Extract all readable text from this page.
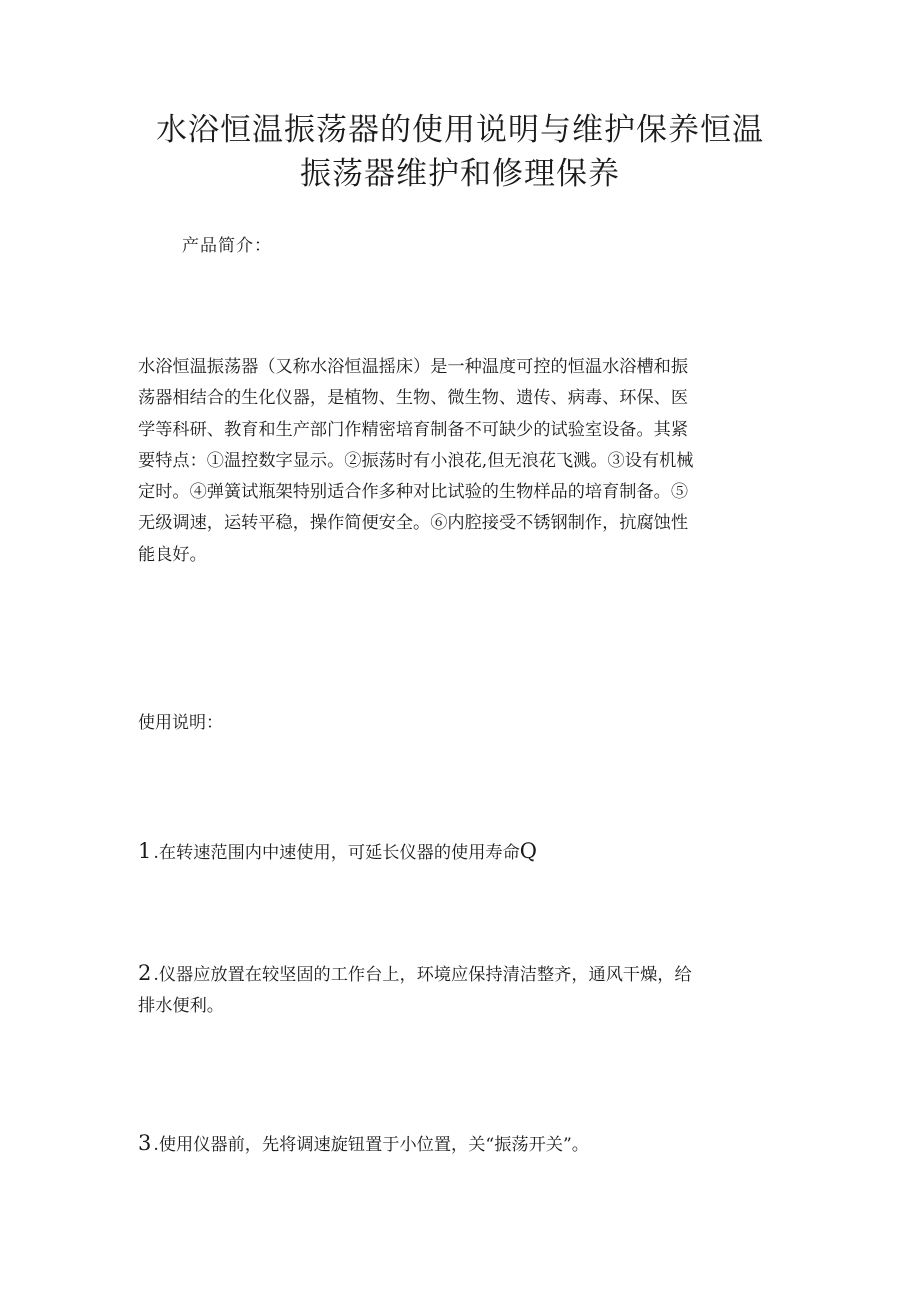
水浴恒温振荡器的使用说明与维护保养恒温
振荡器维护和修理保养

产品简介：

水浴恒温振荡器（又称水浴恒温摇床）是一种温度可控的恒温水浴槽和振
荡器相结合的生化仪器，是植物、生物、微生物、遗传、病毒、环保、医
学等科研、教育和生产部门作精密培育制备不可缺少的试验室设备。其紧
要特点：①温控数字显示。②振荡时有小浪花,但无浪花飞溅。③设有机械
定时。④弹簧试瓶架特别适合作多种对比试验的生物样品的培育制备。⑤
无级调速，运转平稳，操作简便安全。⑥内腔接受不锈钢制作，抗腐蚀性
能良好。

使用说明：

1 .在转速范围内中速使用，可延长仪器的使用寿命Q

2 .仪器应放置在较坚固的工作台上，环境应保持清洁整齐，通风干燥，给
排水便利。

3 .使用仪器前，先将调速旋钮置于小位置，关“振荡开关”。
